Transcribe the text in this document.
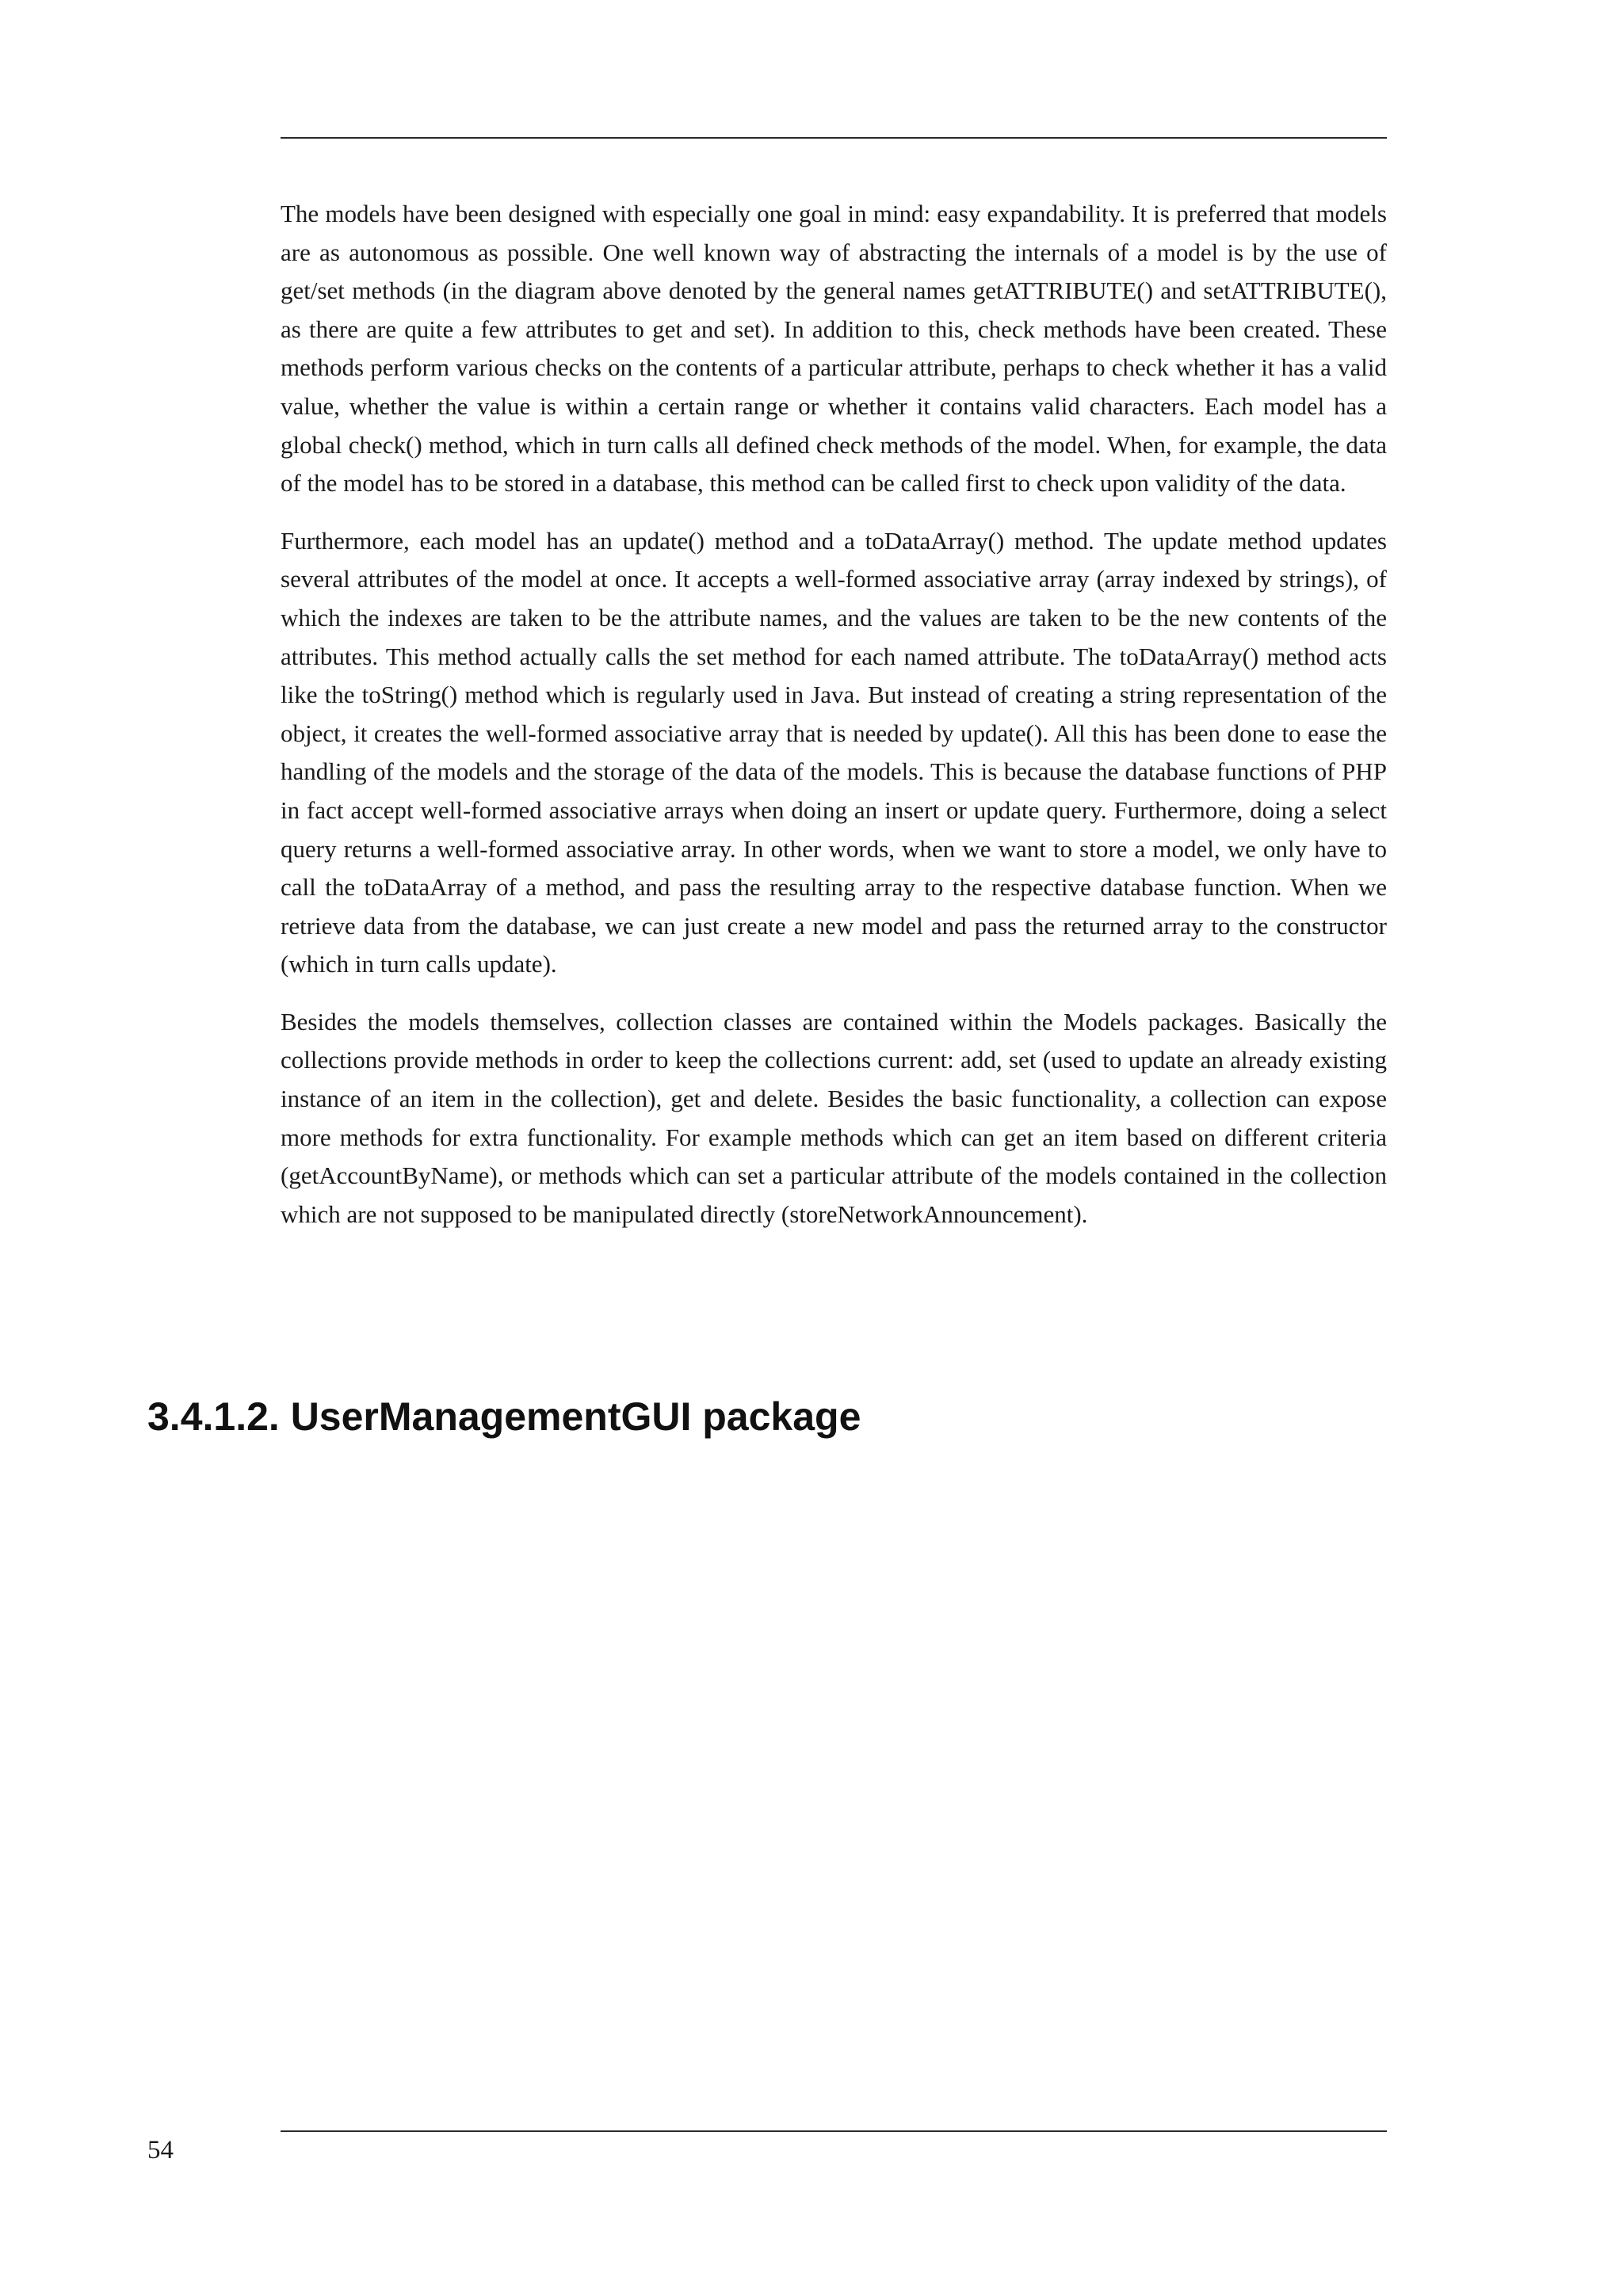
The models have been designed with especially one goal in mind: easy expandability. It is preferred that models are as autonomous as possible. One well known way of abstracting the internals of a model is by the use of get/set methods (in the diagram above denoted by the general names getATTRIBUTE() and setATTRIBUTE(), as there are quite a few attributes to get and set). In addition to this, check methods have been created. These methods perform various checks on the contents of a particular attribute, perhaps to check whether it has a valid value, whether the value is within a certain range or whether it contains valid characters. Each model has a global check() method, which in turn calls all defined check methods of the model. When, for example, the data of the model has to be stored in a database, this method can be called first to check upon validity of the data.

Furthermore, each model has an update() method and a toDataArray() method. The update method updates several attributes of the model at once. It accepts a well-formed associative array (array indexed by strings), of which the indexes are taken to be the attribute names, and the values are taken to be the new contents of the attributes. This method actually calls the set method for each named attribute. The toDataArray() method acts like the toString() method which is regularly used in Java. But instead of creating a string representation of the object, it creates the well-formed associative array that is needed by update(). All this has been done to ease the handling of the models and the storage of the data of the models. This is because the database functions of PHP in fact accept well-formed associative arrays when doing an insert or update query. Furthermore, doing a select query returns a well-formed associative array. In other words, when we want to store a model, we only have to call the toDataArray of a method, and pass the resulting array to the respective database function. When we retrieve data from the database, we can just create a new model and pass the returned array to the constructor (which in turn calls update).

Besides the models themselves, collection classes are contained within the Models packages. Basically the collections provide methods in order to keep the collections current: add, set (used to update an already existing instance of an item in the collection), get and delete. Besides the basic functionality, a collection can expose more methods for extra functionality. For example methods which can get an item based on different criteria (getAccountByName), or methods which can set a particular attribute of the models contained in the collection which are not supposed to be manipulated directly (storeNetworkAnnouncement).

3.4.1.2. UserManagementGUI package
54
